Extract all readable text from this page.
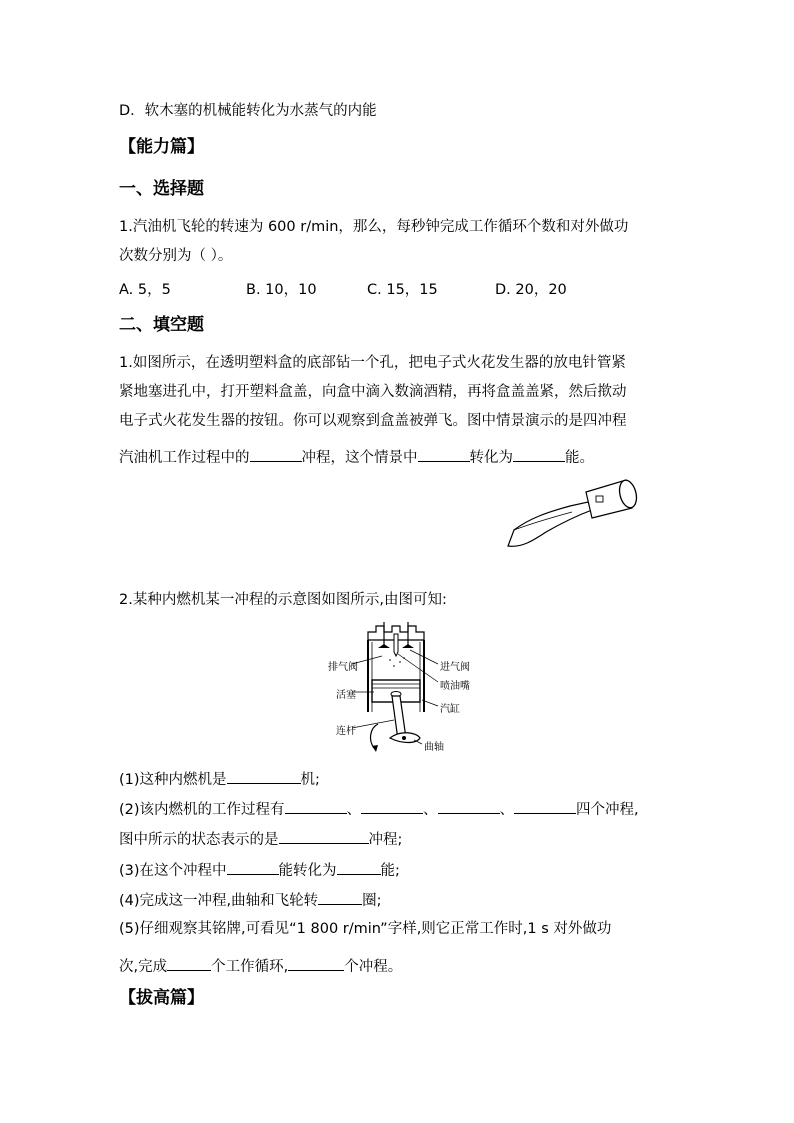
D．软木塞的机械能转化为水蒸气的内能
【能力篇】
一、选择题
1.汽油机飞轮的转速为 600 r/min，那么，每秒钟完成工作循环个数和对外做功
次数分别为（ ）。
A. 5，5	B. 10，10	C. 15，15	D. 20，20
二、填空题
1.如图所示，在透明塑料盒的底部钻一个孔，把电子式火花发生器的放电针管紧
紧地塞进孔中，打开塑料盒盖，向盒中滴入数滴酒精，再将盒盖盖紧，然后揿动
电子式火花发生器的按钮。你可以观察到盒盖被弹飞。图中情景演示的是四冲程
汽油机工作过程中的	冲程，这个情景中	转化为	能。
2.某种内燃机某一冲程的示意图如图所示,由图可知:
排气阀	进气阀
喷油嘴
活塞
汽缸
连杆
曲轴
(1)这种内燃机是	机;
(2)该内燃机的工作过程有	、	、	、	四个冲程,
图中所示的状态表示的是	冲程;
(3)在这个冲程中	能转化为	能;
(4)完成这一冲程,曲轴和飞轮转	圈;
(5)仔细观察其铭牌,可看见“1 800 r/min”字样,则它正常工作时,1 s 对外做功
次,完成	个工作循环,	个冲程。
【拔高篇】
